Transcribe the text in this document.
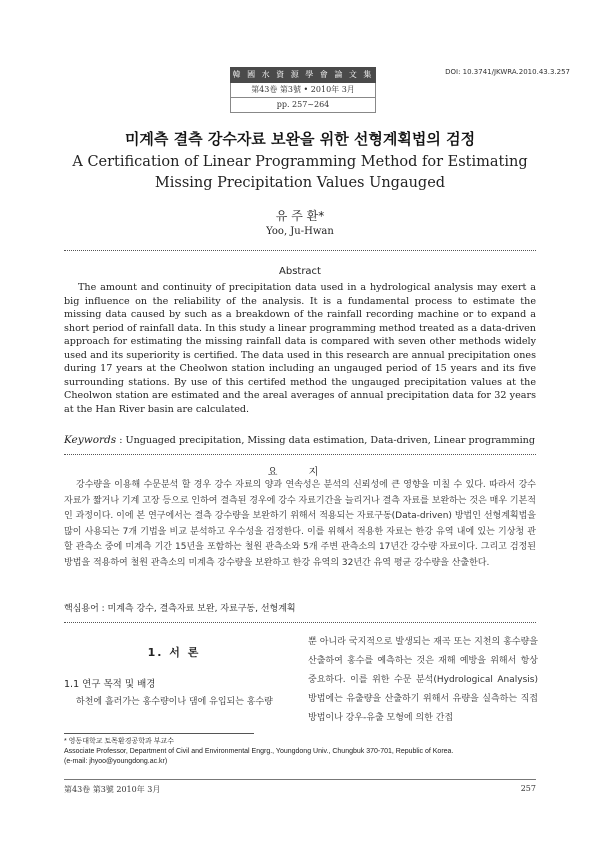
韓 國 水 資 源 學 會 論 文 集
第43卷 第3號 • 2010年 3月
pp. 257~264
DOI: 10.3741/JKWRA.2010.43.3.257
미계측 결측 강수자료 보완을 위한 선형계획법의 검정
A Certification of Linear Programming Method for Estimating Missing Precipitation Values Ungauged
유 주 환*
Yoo, Ju-Hwan
Abstract

The amount and continuity of precipitation data used in a hydrological analysis may exert a big influence on the reliability of the analysis. It is a fundamental process to estimate the missing data caused by such as a breakdown of the rainfall recording machine or to expand a short period of rainfall data. In this study a linear programming method treated as a data-driven approach for estimating the missing rainfall data is compared with seven other methods widely used and its superiority is certified. The data used in this research are annual precipitation ones during 17 years at the Cheolwon station including an ungauged period of 15 years and its five surrounding stations. By use of this certifed method the ungauged precipitation values at the Cheolwon station are estimated and the areal averages of annual precipitation data for 32 years at the Han River basin are calculated.

Keywords : Unguaged precipitation, Missing data estimation, Data-driven, Linear programming
요 지

강수량을 이용해 수문분석 할 경우 강수 자료의 양과 연속성은 분석의 신뢰성에 큰 영향을 미칠 수 있다. 따라서 강수 자료가 짧거나 기계 고장 등으로 인하여 결측된 경우에 강수 자료기간을 늘리거나 결측 자료를 보완하는 것은 매우 기본적인 과정이다. 이에 본 연구에서는 결측 강수량을 보완하기 위해서 적용되는 자료구동(Data-driven) 방법인 선형계획법을 많이 사용되는 7개 기법을 비교 분석하고 우수성을 검정한다. 이를 위해서 적용한 자료는 한강 유역 내에 있는 기상청 관할 관측소 중에 미계측 기간 15년을 포함하는 철원 관측소와 5개 주변 관측소의 17년간 강수량 자료이다. 그리고 검정된 방법을 적용하여 철원 관측소의 미계측 강수량을 보완하고 한강 유역의 32년간 유역 평균 강수량을 산출한다.

핵심용어 : 미계측 강수, 결측자료 보완, 자료구동, 선형계획
1. 서 론
1.1 연구 목적 및 배경
하천에 흘러가는 홍수량이나 댐에 유입되는 홍수량
뿐 아니라 국지적으로 발생되는 재곡 또는 지천의 홍수량을 산출하여 홍수를 예측하는 것은 재해 예방을 위해서 항상 중요하다. 이를 위한 수문 분석(Hydrological Analysis) 방법에는 유출량을 산출하기 위해서 유량을 실측하는 직접 방법이나 강우-유출 모형에 의한 간접
* 영동대학교 토목환경공학과 부교수
Associate Professor, Department of Civil and Environmental Engrg., Youngdong Univ., Chungbuk 370-701, Republic of Korea.
(e-mail: jhyoo@youngdong.ac.kr)
第43卷 第3號 2010年 3月	257
